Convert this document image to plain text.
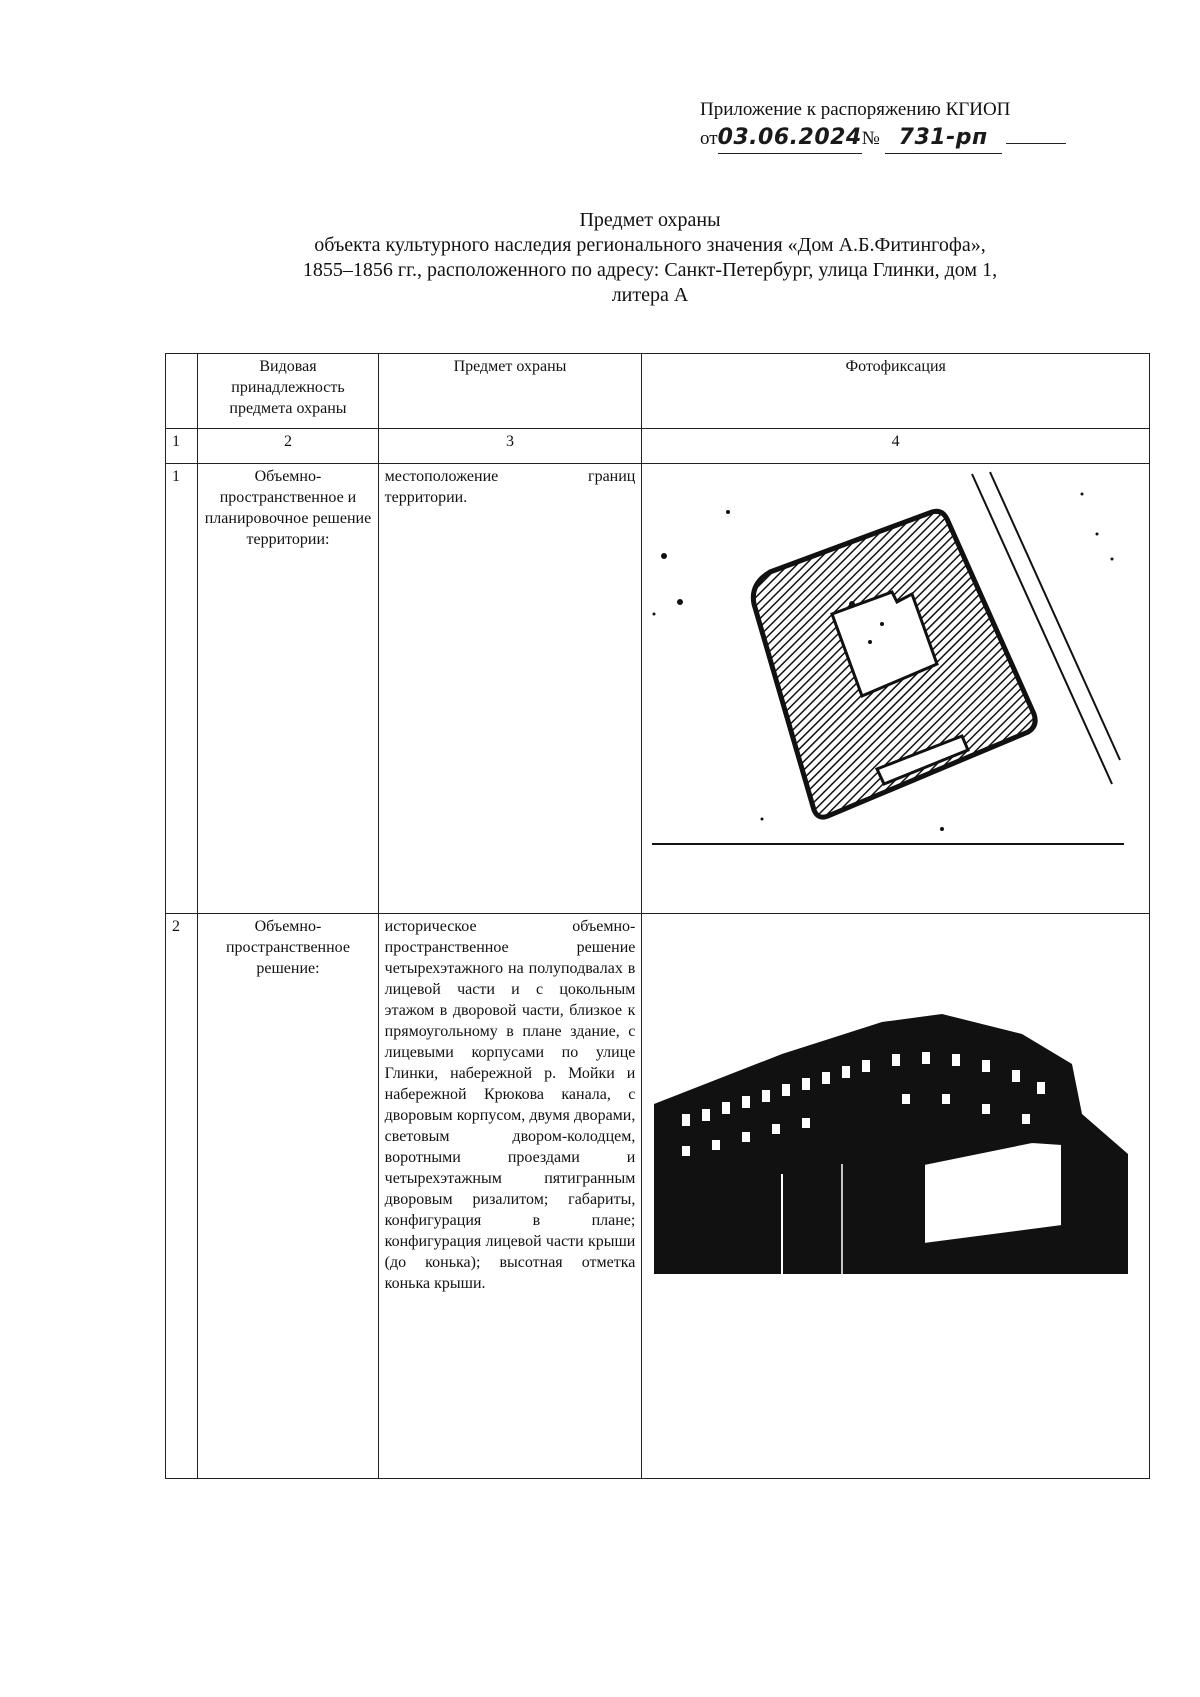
Приложение к распоряжению КГИОП
от03.06.2024№ 731-рп
Предмет охраны
объекта культурного наследия регионального значения «Дом А.Б.Фитингофа»,
1855–1856 гг., расположенного по адресу: Санкт-Петербург, улица Глинки, дом 1,
литера А
	Видовая принадлежность предмета охраны	Предмет охраны	Фотофиксация
1	2	3	4
1	Объемно-пространственное и планировочное решение территории:	местоположение границ территории.	

2	Объемно-пространственное решение:	историческое объемно-пространственное решение четырехэтажного на полуподвалах в лицевой части и с цокольным этажом в дворовой части, близкое к прямоугольному в плане здание, с лицевыми корпусами по улице Глинки, набережной р. Мойки и набережной Крюкова канала, с дворовым корпусом, двумя дворами, световым двором-колодцем, воротными проездами и четырехэтажным пятигранным дворовым ризалитом; габариты, конфигурация в плане; конфигурация лицевой части крыши (до конька); высотная отметка конька крыши.	
